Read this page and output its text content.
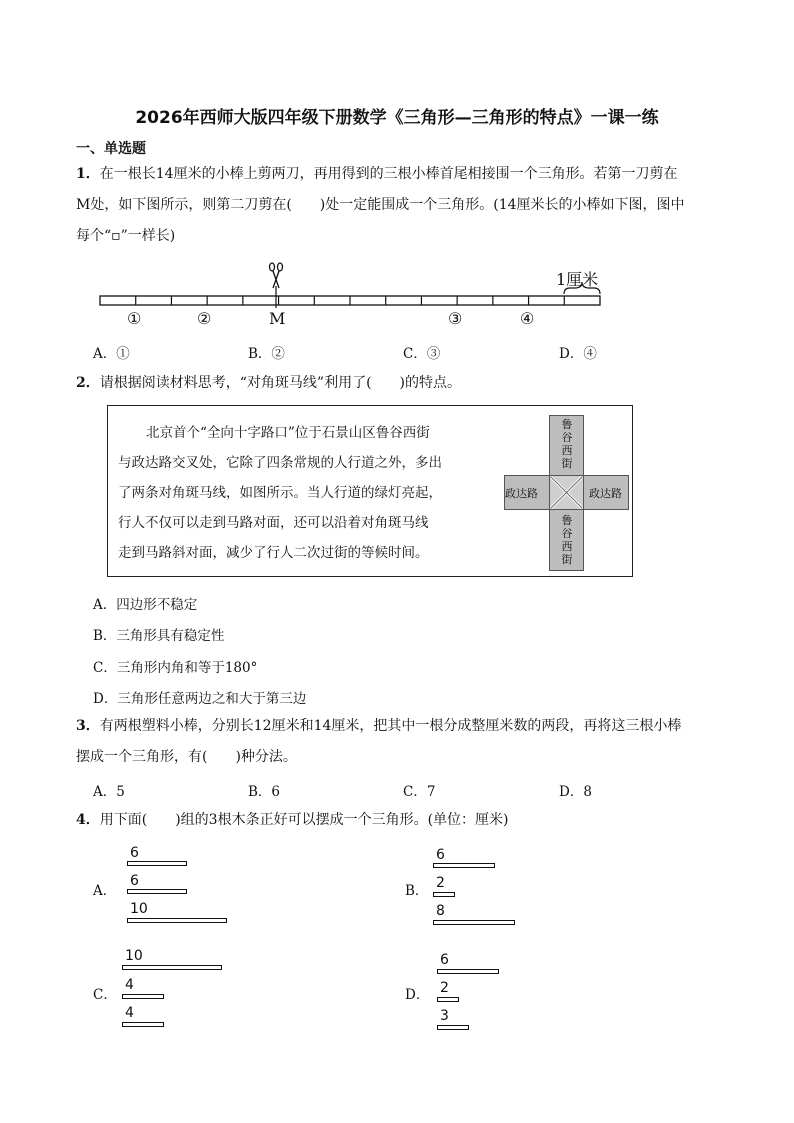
2026年西师大版四年级下册数学《三角形—三角形的特点》一课一练
一、单选题
1．在一根长14厘米的小棒上剪两刀，再用得到的三根小棒首尾相接围一个三角形。若第一刀剪在
M处，如下图所示，则第二刀剪在(　　)处一定能围成一个三角形。(14厘米长的小棒如下图，图中
每个“▫”一样长)
1厘米
①	②	M	③	④
A．①	B．②	C．③	D．④
2．请根据阅读材料思考，“对角斑马线”利用了(　　)的特点。
北京首个“全向十字路口”位于石景山区鲁谷西街
与政达路交叉处，它除了四条常规的人行道之外，多出
了两条对角斑马线，如图所示。当人行道的绿灯亮起，
行人不仅可以走到马路对面，还可以沿着对角斑马线
走到马路斜对面，减少了行人二次过街的等候时间。
鲁
谷
西
街
鲁
谷
西
街
政达路	政达路
A．四边形不稳定
B．三角形具有稳定性
C．三角形内角和等于180°
D．三角形任意两边之和大于第三边
3．有两根塑料小棒，分别长12厘米和14厘米，把其中一根分成整厘米数的两段，再将这三根小棒
摆成一个三角形，有(　　)种分法。
A．5	B．6	C．7	D．8
4．用下面(　　)组的3根木条正好可以摆成一个三角形。(单位：厘米)
A．
6
6
10
B．
6
2
8
C．
10
4
4
D．
6
2
3
